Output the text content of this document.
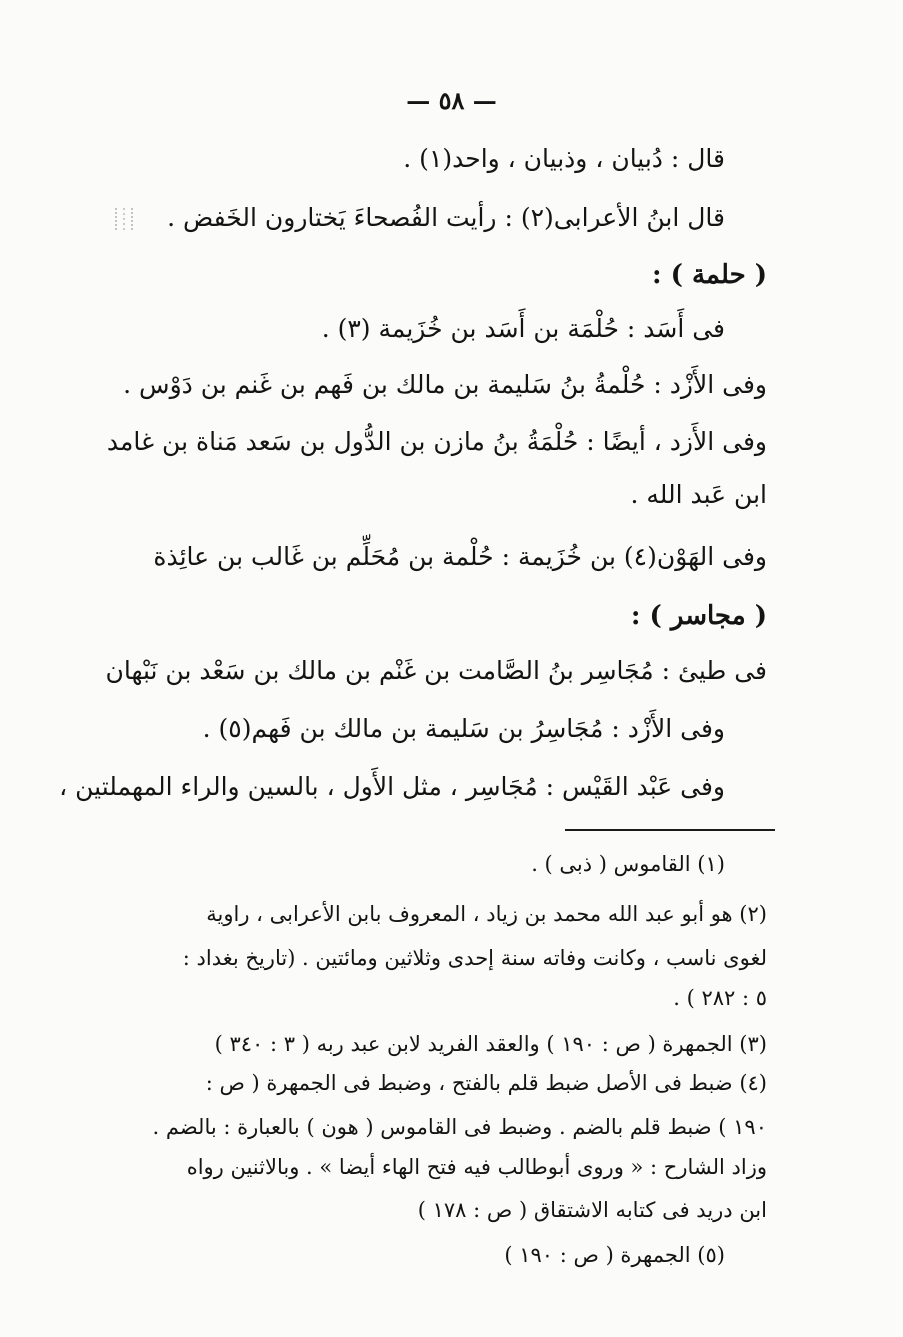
— ٥٨ —
قال : دُبيان ، وذبيان ، واحد(١) .
قال ابنُ الأعرابى(٢) : رأيت الفُصحاءَ يَختارون الخَفض .
( حلمة ) :
فى أَسَد : حُلْمَة بن أَسَد بن خُزَيمة (٣) .
وفى الأَزْد : حُلْمةُ بنُ سَليمة بن مالك بن فَهم بن غَنم بن دَوْس .
وفى الأَزد ، أيضًا : حُلْمَةُ بنُ مازن بن الدُّول بن سَعد مَناة بن غامد
ابن عَبد الله .
وفى الهَوْن(٤) بن خُزَيمة : حُلْمة بن مُحَلِّم بن غَالب بن عائِذة
( مجاسر ) :
فى طيئ : مُجَاسِر بنُ الصَّامت بن غَنْم بن مالك بن سَعْد بن نَبْهان
وفى الأَزْد : مُجَاسِرُ بن سَليمة بن مالك بن فَهم(٥) .
وفى عَبْد القَيْس : مُجَاسِر ، مثل الأَول ، بالسين والراء المهملتين ،
(١) القاموس ( ذبى ) .
(٢) هو أبو عبد الله محمد بن زياد ، المعروف بابن الأعرابى ، راوية
لغوى ناسب ، وكانت وفاته سنة إحدى وثلاثين ومائتين . (تاريخ بغداد :
٥ : ٢٨٢ ) .
(٣) الجمهرة ( ص : ١٩٠ ) والعقد الفريد لابن عبد ربه ( ٣ : ٣٤٠ )
(٤) ضبط فى الأصل ضبط قلم بالفتح ، وضبط فى الجمهرة ( ص :
١٩٠ ) ضبط قلم بالضم . وضبط فى القاموس ( هون ) بالعبارة : بالضم .
وزاد الشارح : « وروى أبوطالب فيه فتح الهاء أيضا » . وبالاثنين رواه
ابن دريد فى كتابه الاشتقاق ( ص : ١٧٨ )
(٥) الجمهرة ( ص : ١٩٠ )
